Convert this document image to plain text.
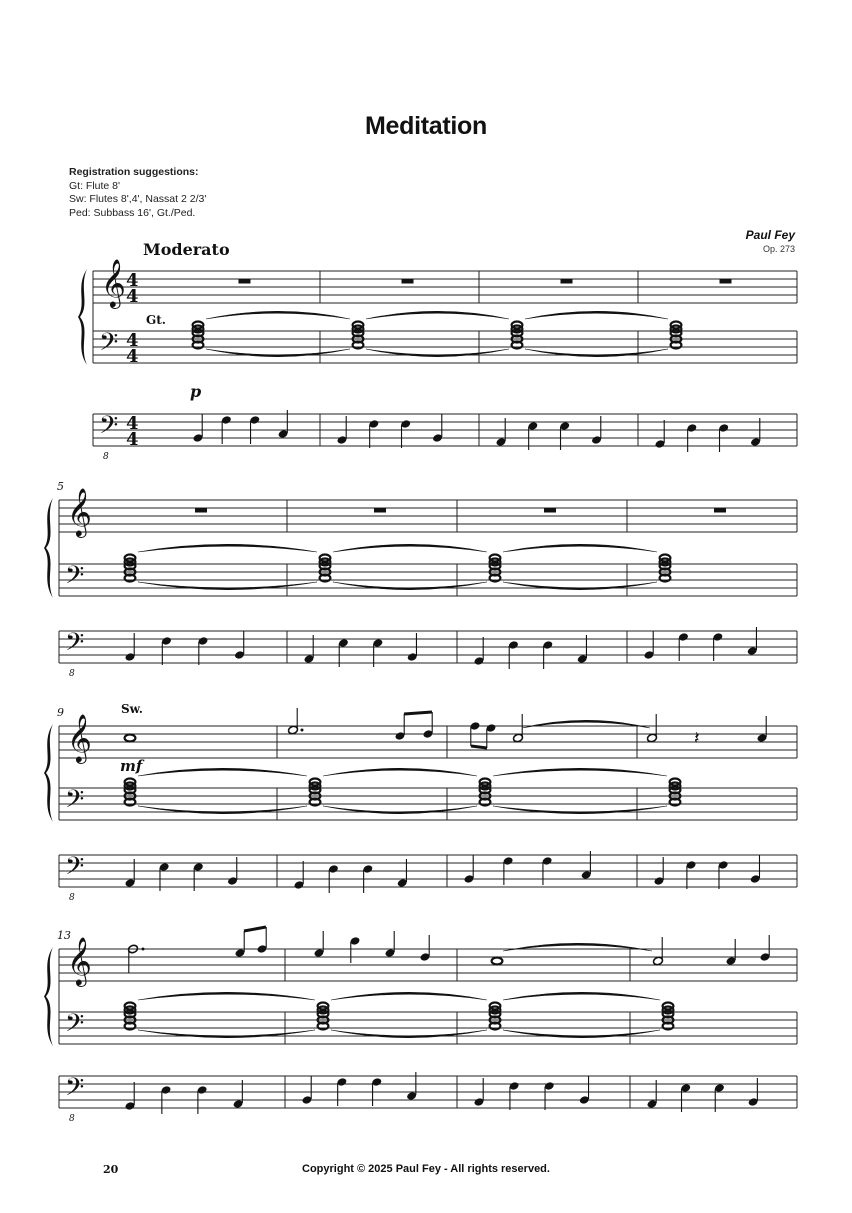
Meditation
Registration suggestions:
Gt: Flute 8'
Sw: Flutes 8',4', Nassat 2 2/3'
Ped: Subbass 16', Gt./Ped.
Paul Fey
Op. 273
𝄞
𝄢
𝄢
8
4
4
4
4
4
4
𝄞
𝄢
𝄢
8
5
𝄞
𝄢
𝄢
8
9
𝄞
𝄢
𝄢
8
13
Moderato
Gt.
p
Sw.
mf
𝄽
20	Copyright © 2025 Paul Fey - All rights reserved.
